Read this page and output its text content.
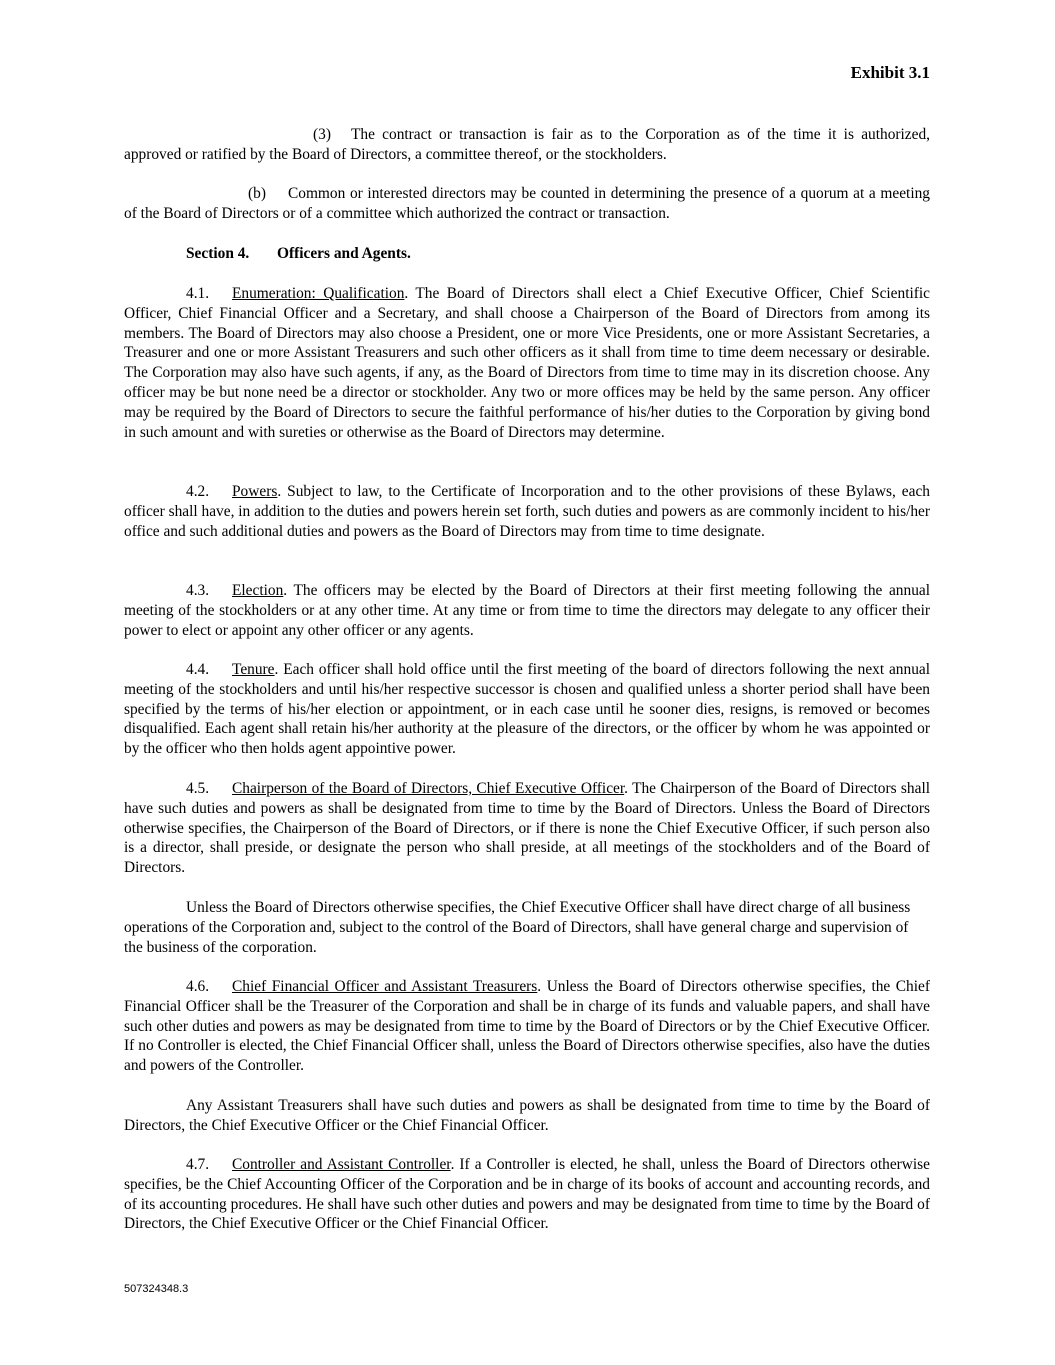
Exhibit 3.1

(3) The contract or transaction is fair as to the Corporation as of the time it is authorized, approved or ratified by the Board of Directors, a committee thereof, or the stockholders.

(b) Common or interested directors may be counted in determining the presence of a quorum at a meeting of the Board of Directors or of a committee which authorized the contract or transaction.

Section 4. Officers and Agents.

4.1. Enumeration: Qualification. The Board of Directors shall elect a Chief Executive Officer, Chief Scientific Officer, Chief Financial Officer and a Secretary, and shall choose a Chairperson of the Board of Directors from among its members. The Board of Directors may also choose a President, one or more Vice Presidents, one or more Assistant Secretaries, a Treasurer and one or more Assistant Treasurers and such other officers as it shall from time to time deem necessary or desirable. The Corporation may also have such agents, if any, as the Board of Directors from time to time may in its discretion choose. Any officer may be but none need be a director or stockholder. Any two or more offices may be held by the same person. Any officer may be required by the Board of Directors to secure the faithful performance of his/her duties to the Corporation by giving bond in such amount and with sureties or otherwise as the Board of Directors may determine.

4.2. Powers. Subject to law, to the Certificate of Incorporation and to the other provisions of these Bylaws, each officer shall have, in addition to the duties and powers herein set forth, such duties and powers as are commonly incident to his/her office and such additional duties and powers as the Board of Directors may from time to time designate.

4.3. Election. The officers may be elected by the Board of Directors at their first meeting following the annual meeting of the stockholders or at any other time. At any time or from time to time the directors may delegate to any officer their power to elect or appoint any other officer or any agents.

4.4. Tenure. Each officer shall hold office until the first meeting of the board of directors following the next annual meeting of the stockholders and until his/her respective successor is chosen and qualified unless a shorter period shall have been specified by the terms of his/her election or appointment, or in each case until he sooner dies, resigns, is removed or becomes disqualified. Each agent shall retain his/her authority at the pleasure of the directors, or the officer by whom he was appointed or by the officer who then holds agent appointive power.

4.5. Chairperson of the Board of Directors, Chief Executive Officer. The Chairperson of the Board of Directors shall have such duties and powers as shall be designated from time to time by the Board of Directors. Unless the Board of Directors otherwise specifies, the Chairperson of the Board of Directors, or if there is none the Chief Executive Officer, if such person also is a director, shall preside, or designate the person who shall preside, at all meetings of the stockholders and of the Board of Directors.

Unless the Board of Directors otherwise specifies, the Chief Executive Officer shall have direct charge of all business operations of the Corporation and, subject to the control of the Board of Directors, shall have general charge and supervision of the business of the corporation.

4.6. Chief Financial Officer and Assistant Treasurers. Unless the Board of Directors otherwise specifies, the Chief Financial Officer shall be the Treasurer of the Corporation and shall be in charge of its funds and valuable papers, and shall have such other duties and powers as may be designated from time to time by the Board of Directors or by the Chief Executive Officer. If no Controller is elected, the Chief Financial Officer shall, unless the Board of Directors otherwise specifies, also have the duties and powers of the Controller.

Any Assistant Treasurers shall have such duties and powers as shall be designated from time to time by the Board of Directors, the Chief Executive Officer or the Chief Financial Officer.

4.7. Controller and Assistant Controller. If a Controller is elected, he shall, unless the Board of Directors otherwise specifies, be the Chief Accounting Officer of the Corporation and be in charge of its books of account and accounting records, and of its accounting procedures. He shall have such other duties and powers and may be designated from time to time by the Board of Directors, the Chief Executive Officer or the Chief Financial Officer.

507324348.3
